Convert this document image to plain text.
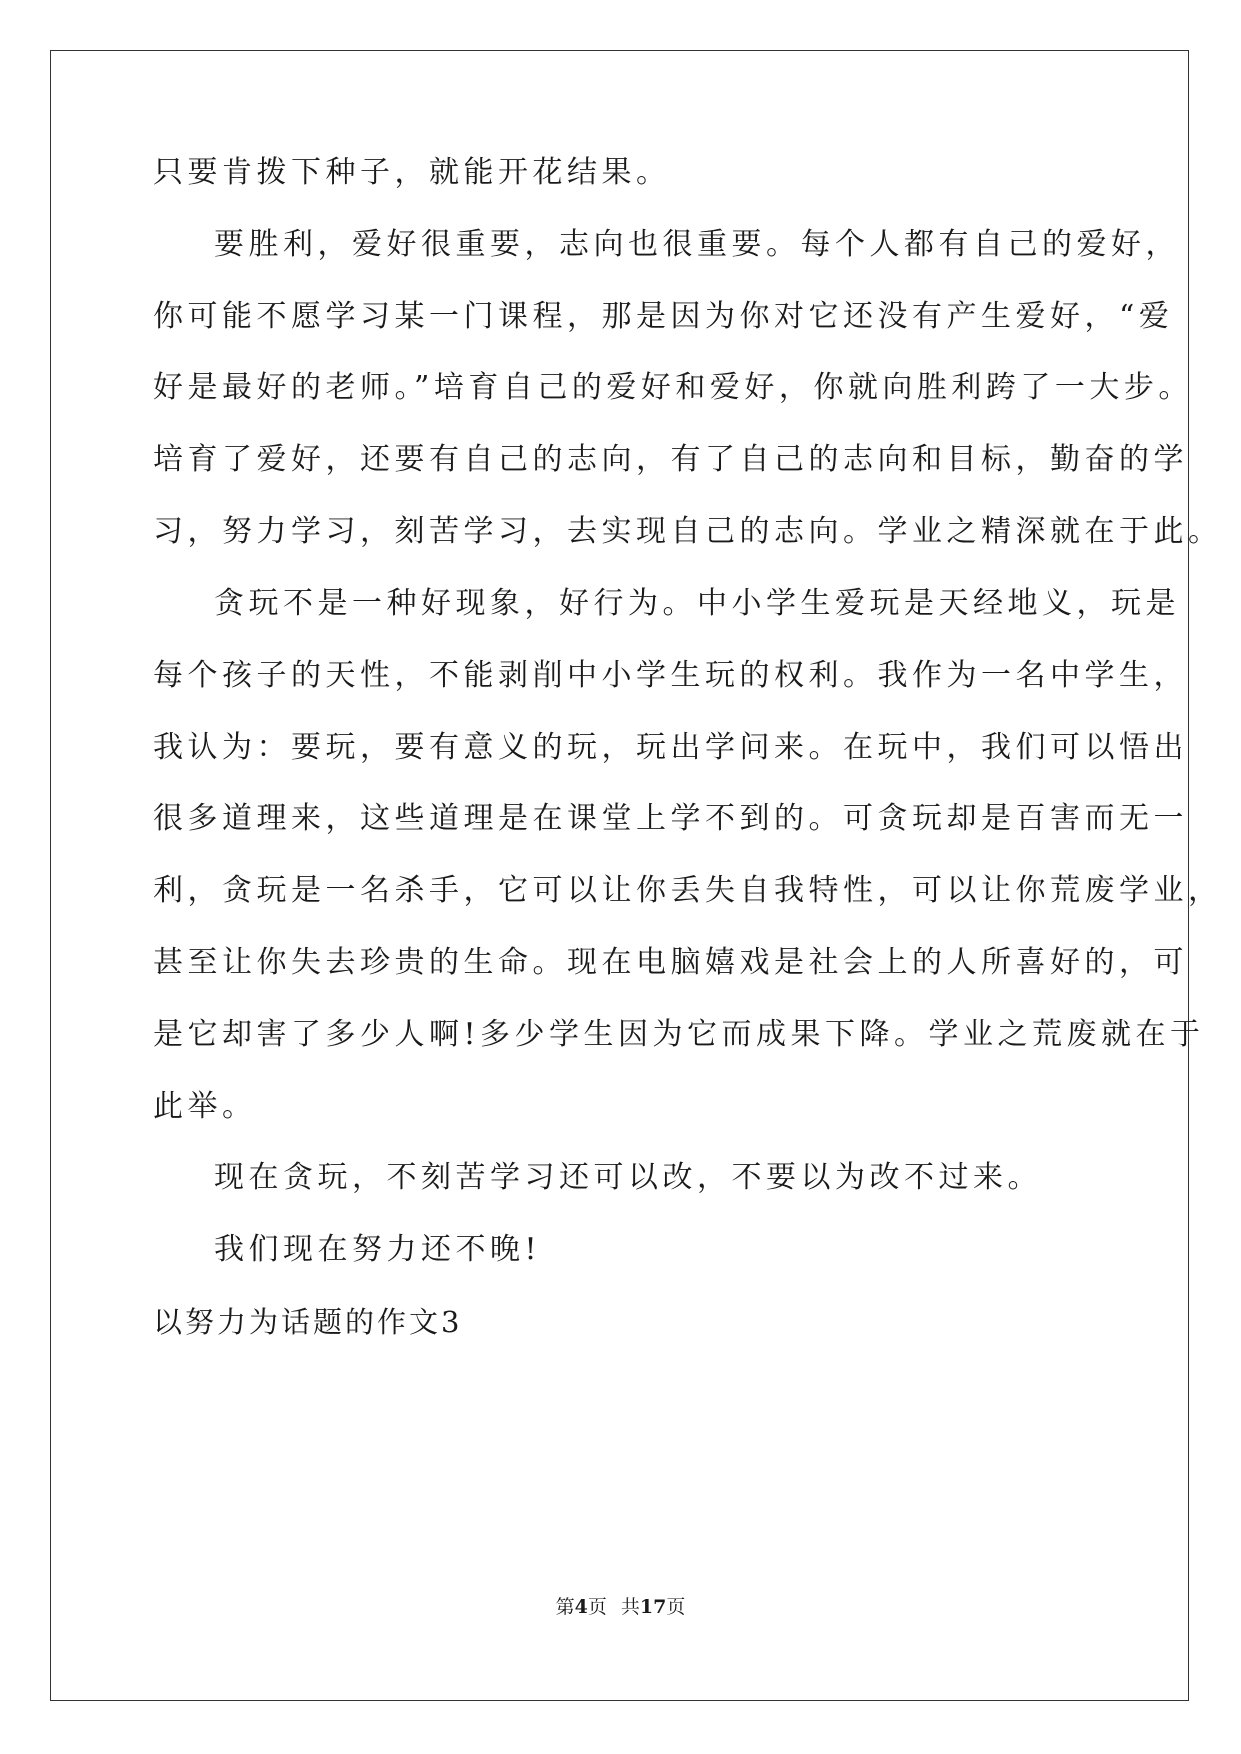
只要肯拨下种子，就能开花结果。
要胜利，爱好很重要，志向也很重要。每个人都有自己的爱好，
你可能不愿学习某一门课程，那是因为你对它还没有产生爱好，“爱
好是最好的老师。”培育自己的爱好和爱好，你就向胜利跨了一大步。
培育了爱好，还要有自己的志向，有了自己的志向和目标，勤奋的学
习，努力学习，刻苦学习，去实现自己的志向。学业之精深就在于此。
贪玩不是一种好现象，好行为。中小学生爱玩是天经地义，玩是
每个孩子的天性，不能剥削中小学生玩的权利。我作为一名中学生，
我认为：要玩，要有意义的玩，玩出学问来。在玩中，我们可以悟出
很多道理来，这些道理是在课堂上学不到的。可贪玩却是百害而无一
利，贪玩是一名杀手，它可以让你丢失自我特性，可以让你荒废学业，
甚至让你失去珍贵的生命。现在电脑嬉戏是社会上的人所喜好的，可
是它却害了多少人啊!多少学生因为它而成果下降。学业之荒废就在于
此举。
现在贪玩，不刻苦学习还可以改，不要以为改不过来。
我们现在努力还不晚!
以努力为话题的作文3
第4页 共17页
